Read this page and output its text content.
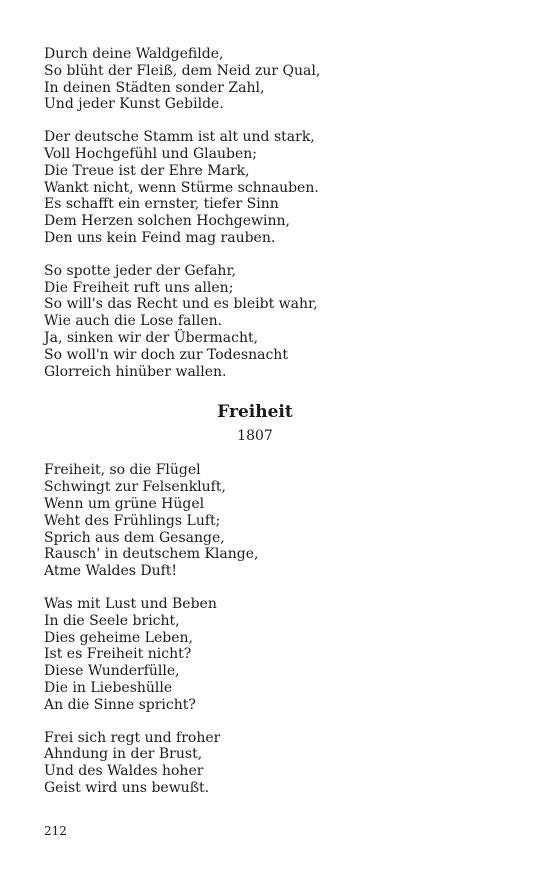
Durch deine Waldgefilde,
So blüht der Fleiß, dem Neid zur Qual,
In deinen Städten sonder Zahl,
Und jeder Kunst Gebilde.
Der deutsche Stamm ist alt und stark,
Voll Hochgefühl und Glauben;
Die Treue ist der Ehre Mark,
Wankt nicht, wenn Stürme schnauben.
Es schafft ein ernster, tiefer Sinn
Dem Herzen solchen Hochgewinn,
Den uns kein Feind mag rauben.
So spotte jeder der Gefahr,
Die Freiheit ruft uns allen;
So will's das Recht und es bleibt wahr,
Wie auch die Lose fallen.
Ja, sinken wir der Übermacht,
So woll'n wir doch zur Todesnacht
Glorreich hinüber wallen.
Freiheit
1807
Freiheit, so die Flügel
Schwingt zur Felsenkluft,
Wenn um grüne Hügel
Weht des Frühlings Luft;
Sprich aus dem Gesange,
Rausch' in deutschem Klange,
Atme Waldes Duft!
Was mit Lust und Beben
In die Seele bricht,
Dies geheime Leben,
Ist es Freiheit nicht?
Diese Wunderfülle,
Die in Liebeshülle
An die Sinne spricht?
Frei sich regt und froher
Ahndung in der Brust,
Und des Waldes hoher
Geist wird uns bewußt.
212
